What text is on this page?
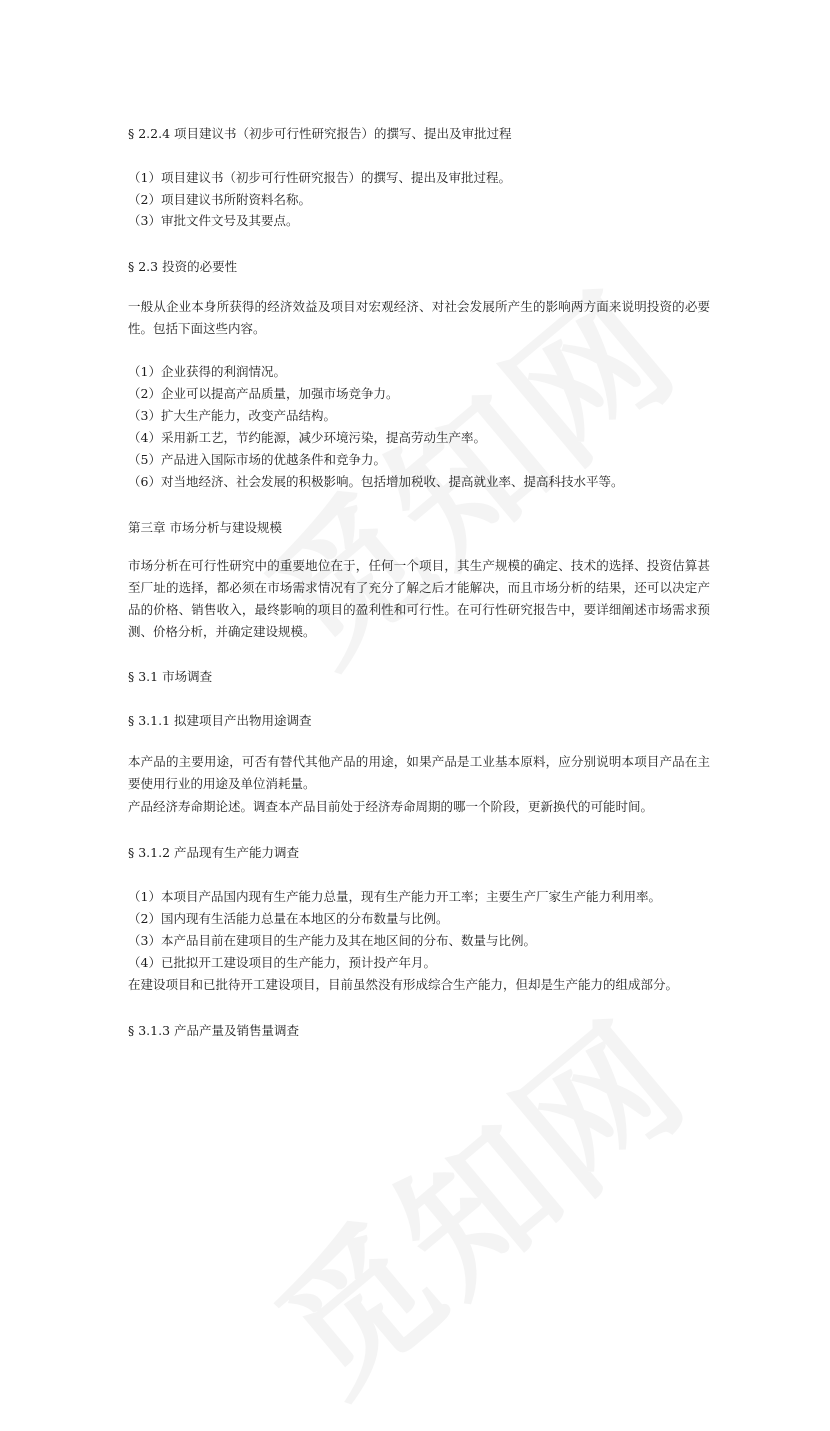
§ 2.2.4 项目建议书（初步可行性研究报告）的撰写、提出及审批过程
（1）项目建议书（初步可行性研究报告）的撰写、提出及审批过程。
（2）项目建议书所附资料名称。
（3）审批文件文号及其要点。
§ 2.3 投资的必要性
一般从企业本身所获得的经济效益及项目对宏观经济、对社会发展所产生的影响两方面来说明投资的必要性。包括下面这些内容。
（1）企业获得的利润情况。
（2）企业可以提高产品质量，加强市场竞争力。
（3）扩大生产能力，改变产品结构。
（4）采用新工艺，节约能源，减少环境污染，提高劳动生产率。
（5）产品进入国际市场的优越条件和竞争力。
（6）对当地经济、社会发展的积极影响。包括增加税收、提高就业率、提高科技水平等。
第三章 市场分析与建设规模
市场分析在可行性研究中的重要地位在于，任何一个项目，其生产规模的确定、技术的选择、投资估算甚至厂址的选择，都必须在市场需求情况有了充分了解之后才能解决，而且市场分析的结果，还可以决定产品的价格、销售收入，最终影响的项目的盈利性和可行性。在可行性研究报告中，要详细阐述市场需求预测、价格分析，并确定建设规模。
§ 3.1 市场调查
§ 3.1.1 拟建项目产出物用途调查
本产品的主要用途，可否有替代其他产品的用途，如果产品是工业基本原料，应分别说明本项目产品在主要使用行业的用途及单位消耗量。
产品经济寿命期论述。调查本产品目前处于经济寿命周期的哪一个阶段，更新换代的可能时间。
§ 3.1.2 产品现有生产能力调查
（1）本项目产品国内现有生产能力总量，现有生产能力开工率；主要生产厂家生产能力利用率。
（2）国内现有生活能力总量在本地区的分布数量与比例。
（3）本产品目前在建项目的生产能力及其在地区间的分布、数量与比例。
（4）已批拟开工建设项目的生产能力，预计投产年月。
在建设项目和已批待开工建设项目，目前虽然没有形成综合生产能力，但却是生产能力的组成部分。
§ 3.1.3 产品产量及销售量调查
